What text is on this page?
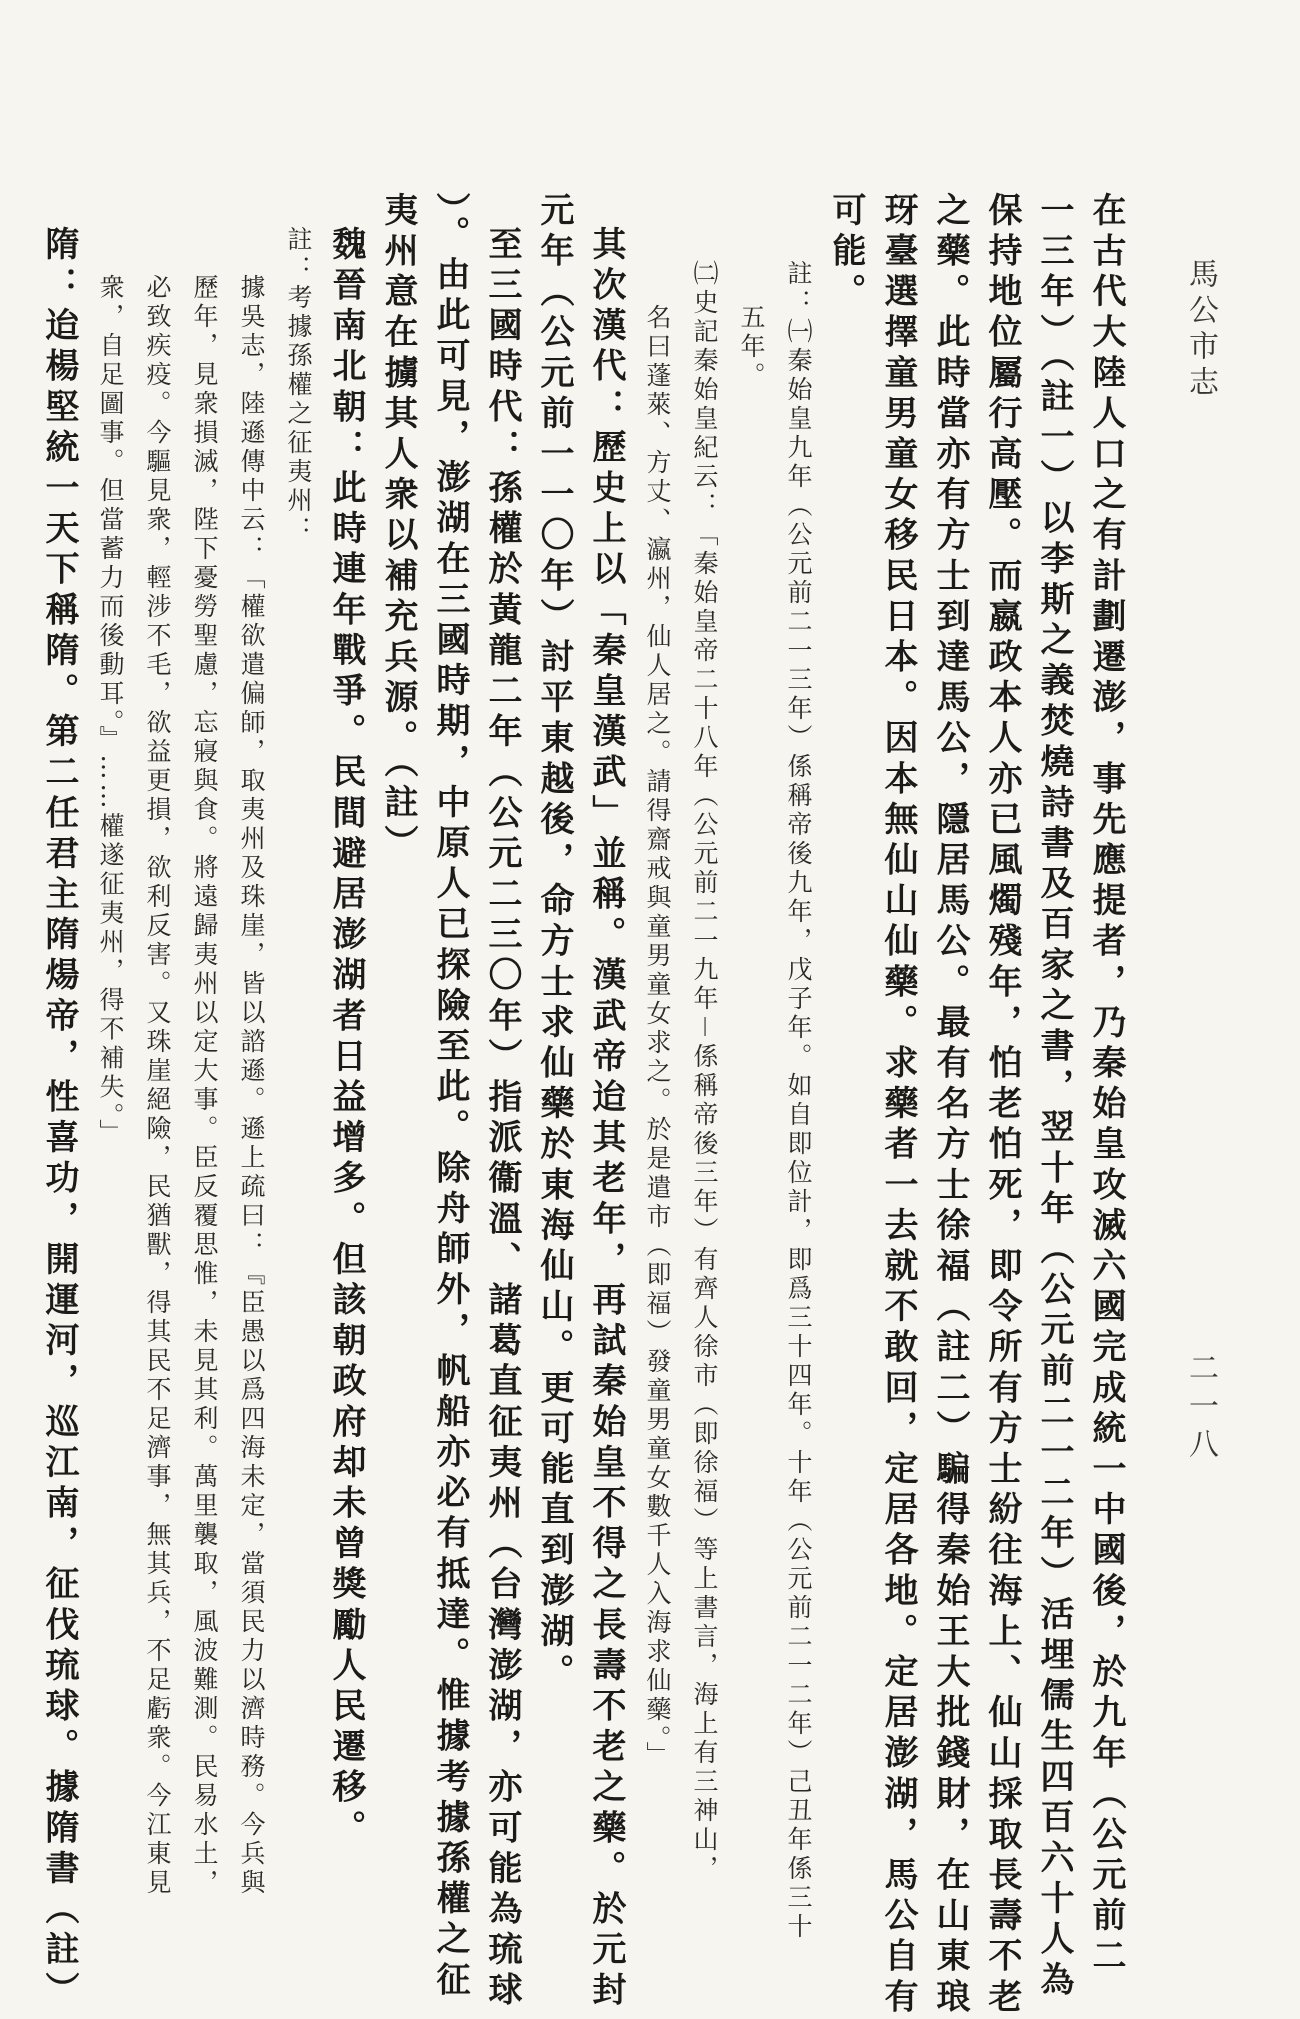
馬公市志
二一八
在古代大陸人口之有計劃遷澎，事先應提者，乃秦始皇攻滅六國完成統一中國後，於九年（公元前二
一三年）（註一）以李斯之義焚燒詩書及百家之書，翌十年（公元前二一二年）活埋儒生四百六十人為
保持地位屬行高壓。而嬴政本人亦已風燭殘年，怕老怕死，即令所有方士紛往海上、仙山採取長壽不老
之藥。此時當亦有方士到達馬公，隱居馬公。最有名方士徐福（註二）騙得秦始王大批錢財，在山東琅
玡臺選擇童男童女移民日本。因本無仙山仙藥。求藥者一去就不敢回，定居各地。定居澎湖，馬公自有
可能。
註：㈠秦始皇九年（公元前二一三年）係稱帝後九年，戊子年。如自即位計，即爲三十四年。十年（公元前二一二年）己丑年係三十
五年。
㈡史記秦始皇紀云：「秦始皇帝二十八年（公元前二一九年－係稱帝後三年）有齊人徐市（即徐福）等上書言，海上有三神山，
名曰蓬萊、方丈、瀛州，仙人居之。請得齋戒與童男童女求之。於是遣市（即福）發童男童女數千人入海求仙藥。」
其次漢代：歷史上以「秦皇漢武」並稱。漢武帝迨其老年，再試秦始皇不得之長壽不老之藥。於元封
元年（公元前一一〇年）討平東越後，命方士求仙藥於東海仙山。更可能直到澎湖。
至三國時代：孫權於黃龍二年（公元二三〇年）指派衞溫、諸葛直征夷州（台灣澎湖，亦可能為琉球
）。由此可見，澎湖在三國時期，中原人已探險至此。除舟師外，帆船亦必有抵達。惟據考據孫權之征
夷州意在擄其人衆以補充兵源。（註）
魏晉南北朝：此時連年戰爭。民間避居澎湖者日益增多。但該朝政府却未曾獎勵人民遷移。
註：考據孫權之征夷州：
據吳志，陸遜傳中云：「權欲遣偏師，取夷州及珠崖，皆以諮遜。遜上疏曰：『臣愚以爲四海未定，當須民力以濟時務。今兵與
歷年，見衆損滅，陛下憂勞聖慮，忘寢與食。將遠歸夷州以定大事。臣反覆思惟，未見其利。萬里襲取，風波難測。民易水土，
必致疾疫。今驅見衆，輕涉不毛，欲益更損，欲利反害。又珠崖絕險，民猶獸，得其民不足濟事，無其兵，不足虧衆。今江東見
衆，自足圖事。但當蓄力而後動耳。』……權遂征夷州，得不補失。」
隋：迨楊堅統一天下稱隋。第二任君主隋煬帝，性喜功，開運河，巡江南，征伐琉球。據隋書（註）
